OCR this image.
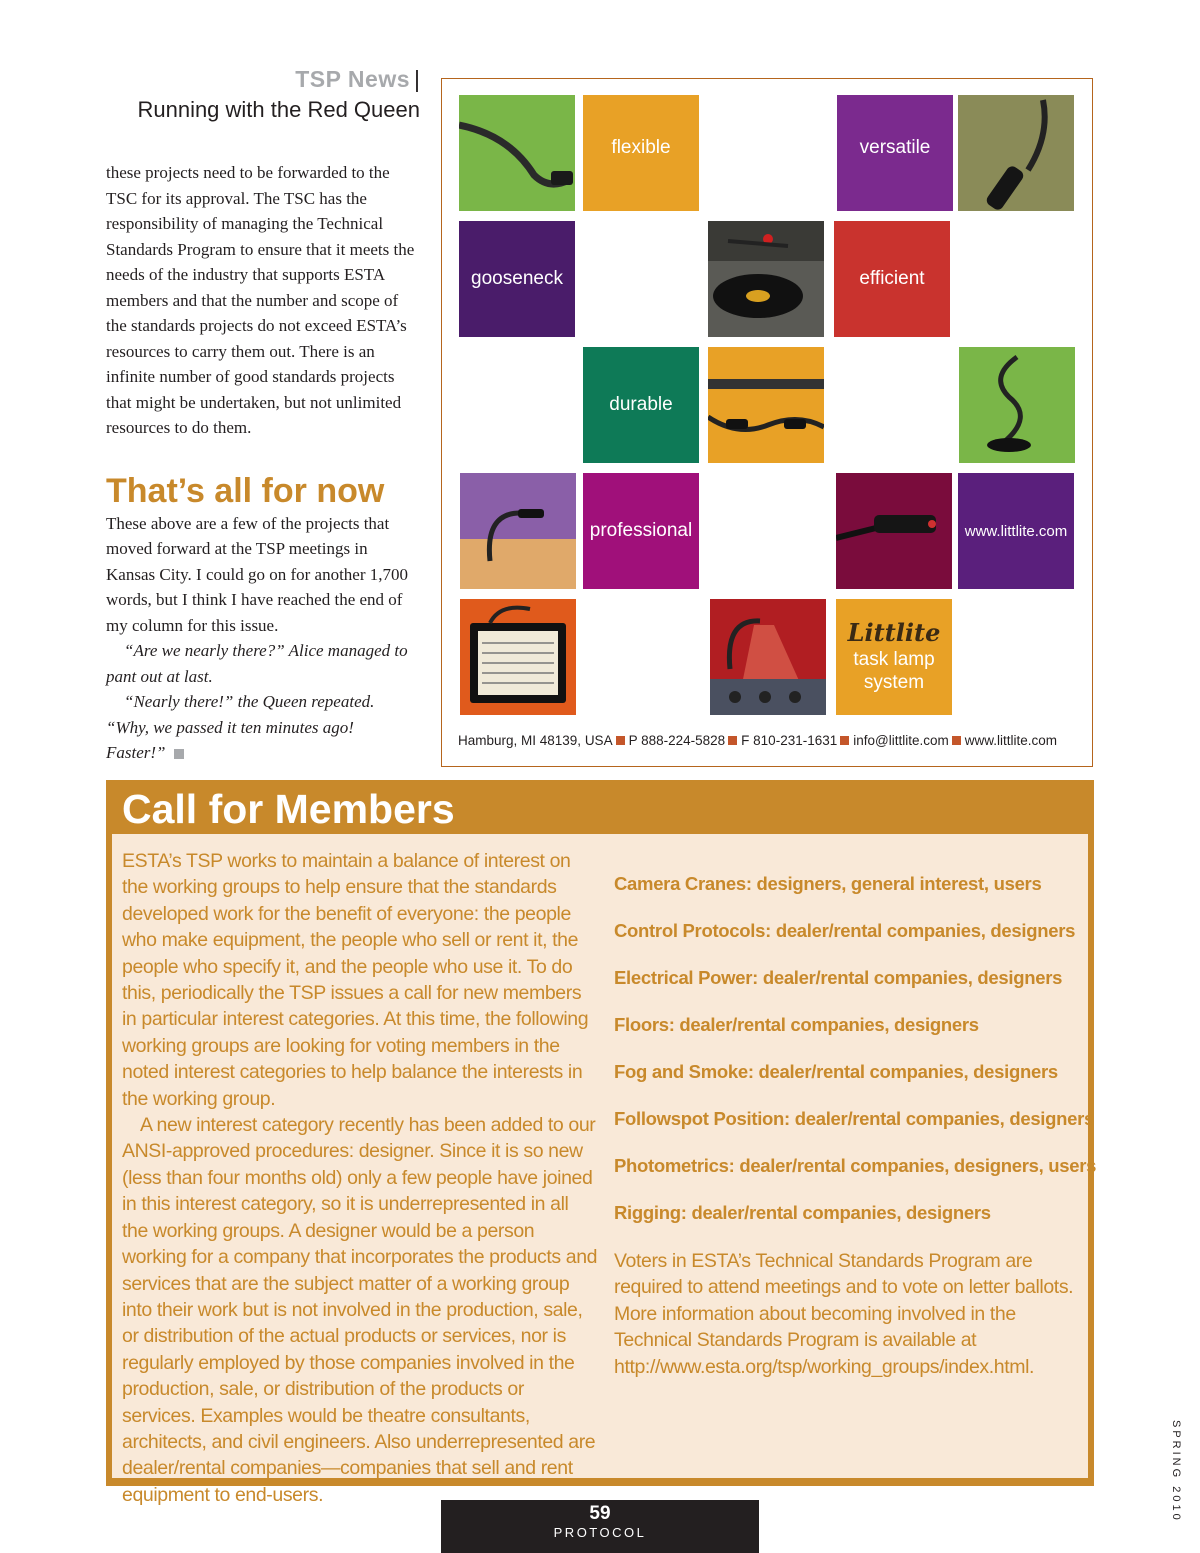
TSP News |
Running with the Red Queen

these projects need to be forwarded to the TSC for its approval. The TSC has the responsibility of managing the Technical Standards Program to ensure that it meets the needs of the industry that supports ESTA members and that the number and scope of the standards projects do not exceed ESTA’s resources to carry them out. There is an infinite number of good standards projects that might be undertaken, but not unlimited resources to do them.

That’s all for now

These above are a few of the projects that moved forward at the TSP meetings in Kansas City. I could go on for another 1,700 words, but I think I have reached the end of my column for this issue.

“Are we nearly there?” Alice managed to pant out at last.

“Nearly there!” the Queen repeated. “Why, we passed it ten minutes ago! Faster!”

flexible	versatile
gooseneck	efficient
durable
professional	www.littlite.com
Littlite
task lamp system
Hamburg, MI 48139, USA P 888-224-5828 F 810-231-1631 info@littlite.com www.littlite.com
Call for Members

ESTA’s TSP works to maintain a balance of interest on the working groups to help ensure that the standards developed work for the benefit of everyone: the people who make equipment, the people who sell or rent it, the people who specify it, and the people who use it. To do this, periodically the TSP issues a call for new members in particular interest categories. At this time, the following working groups are looking for voting members in the noted interest categories to help balance the interests in the working group.

A new interest category recently has been added to our ANSI-approved procedures: designer. Since it is so new (less than four months old) only a few people have joined in this interest category, so it is underrepresented in all the working groups. A designer would be a person working for a company that incorporates the products and services that are the subject matter of a working group into their work but is not involved in the production, sale, or distribution of the actual products or services, nor is regularly employed by those companies involved in the production, sale, or distribution of the products or services. Examples would be theatre consultants, architects, and civil engineers. Also underrepresented are dealer/rental companies—companies that sell and rent equipment to end-users.

Camera Cranes: designers, general interest, users
Control Protocols: dealer/rental companies, designers
Electrical Power: dealer/rental companies, designers
Floors: dealer/rental companies, designers
Fog and Smoke: dealer/rental companies, designers
Followspot Position: dealer/rental companies, designers
Photometrics: dealer/rental companies, designers, users
Rigging: dealer/rental companies, designers

Voters in ESTA’s Technical Standards Program are required to attend meetings and to vote on letter ballots. More information about becoming involved in the Technical Standards Program is available at http://www.esta.org/tsp/working_groups/index.html.

59
PROTOCOL
SPRING 2010
